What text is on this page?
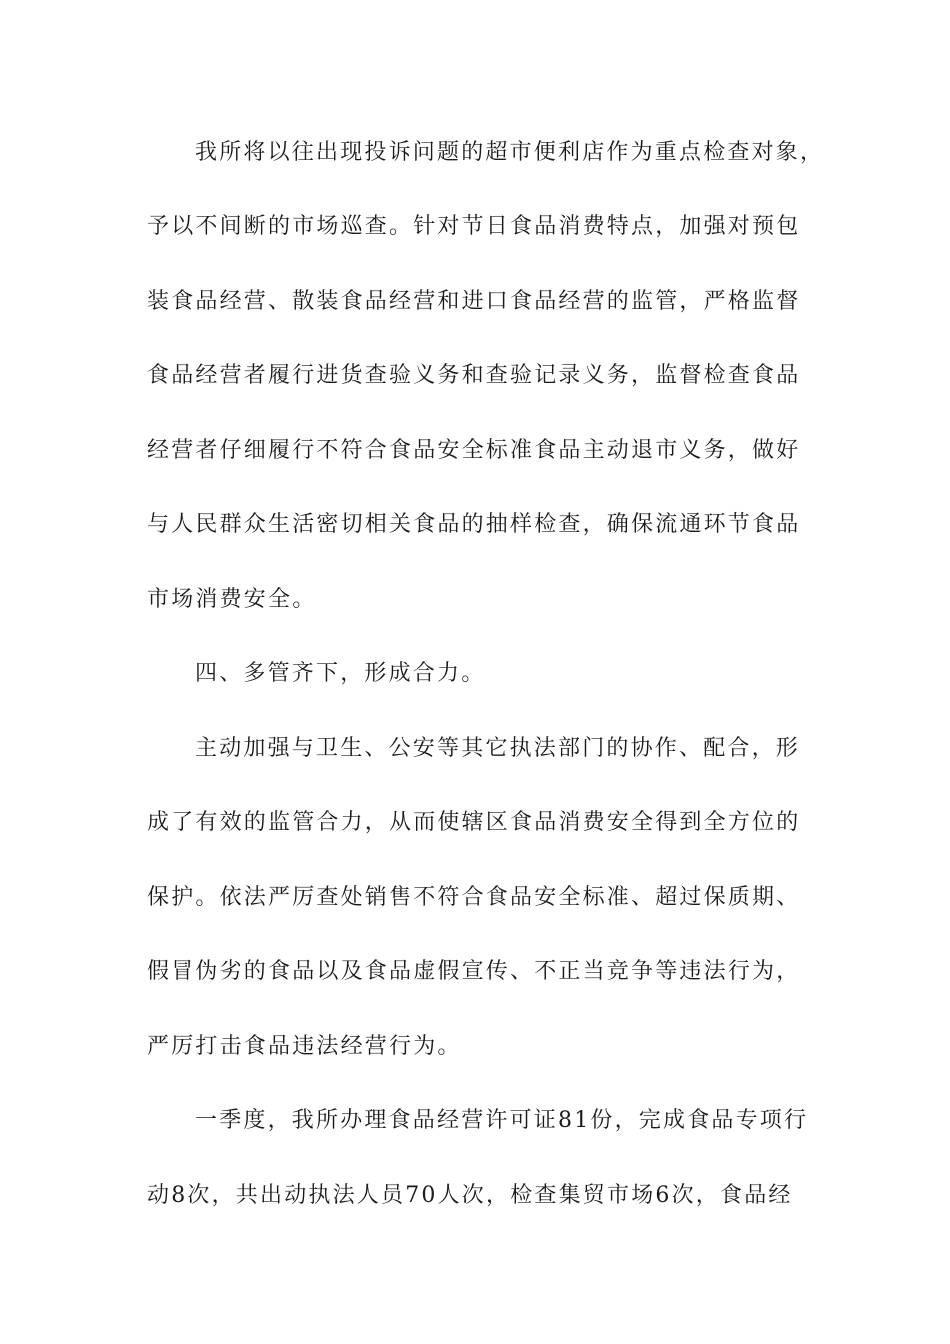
我所将以往出现投诉问题的超市便利店作为重点检查对象，
予以不间断的市场巡查。针对节日食品消费特点，加强对预包
装食品经营、散装食品经营和进口食品经营的监管，严格监督
食品经营者履行进货查验义务和查验记录义务，监督检查食品
经营者仔细履行不符合食品安全标准食品主动退市义务，做好
与人民群众生活密切相关食品的抽样检查，确保流通环节食品
市场消费安全。
四、多管齐下，形成合力。
主动加强与卫生、公安等其它执法部门的协作、配合，形
成了有效的监管合力，从而使辖区食品消费安全得到全方位的
保护。依法严厉查处销售不符合食品安全标准、超过保质期、
假冒伪劣的食品以及食品虚假宣传、不正当竞争等违法行为，
严厉打击食品违法经营行为。
一季度，我所办理食品经营许可证81份，完成食品专项行
动8次，共出动执法人员70人次，检查集贸市场6次，食品经
